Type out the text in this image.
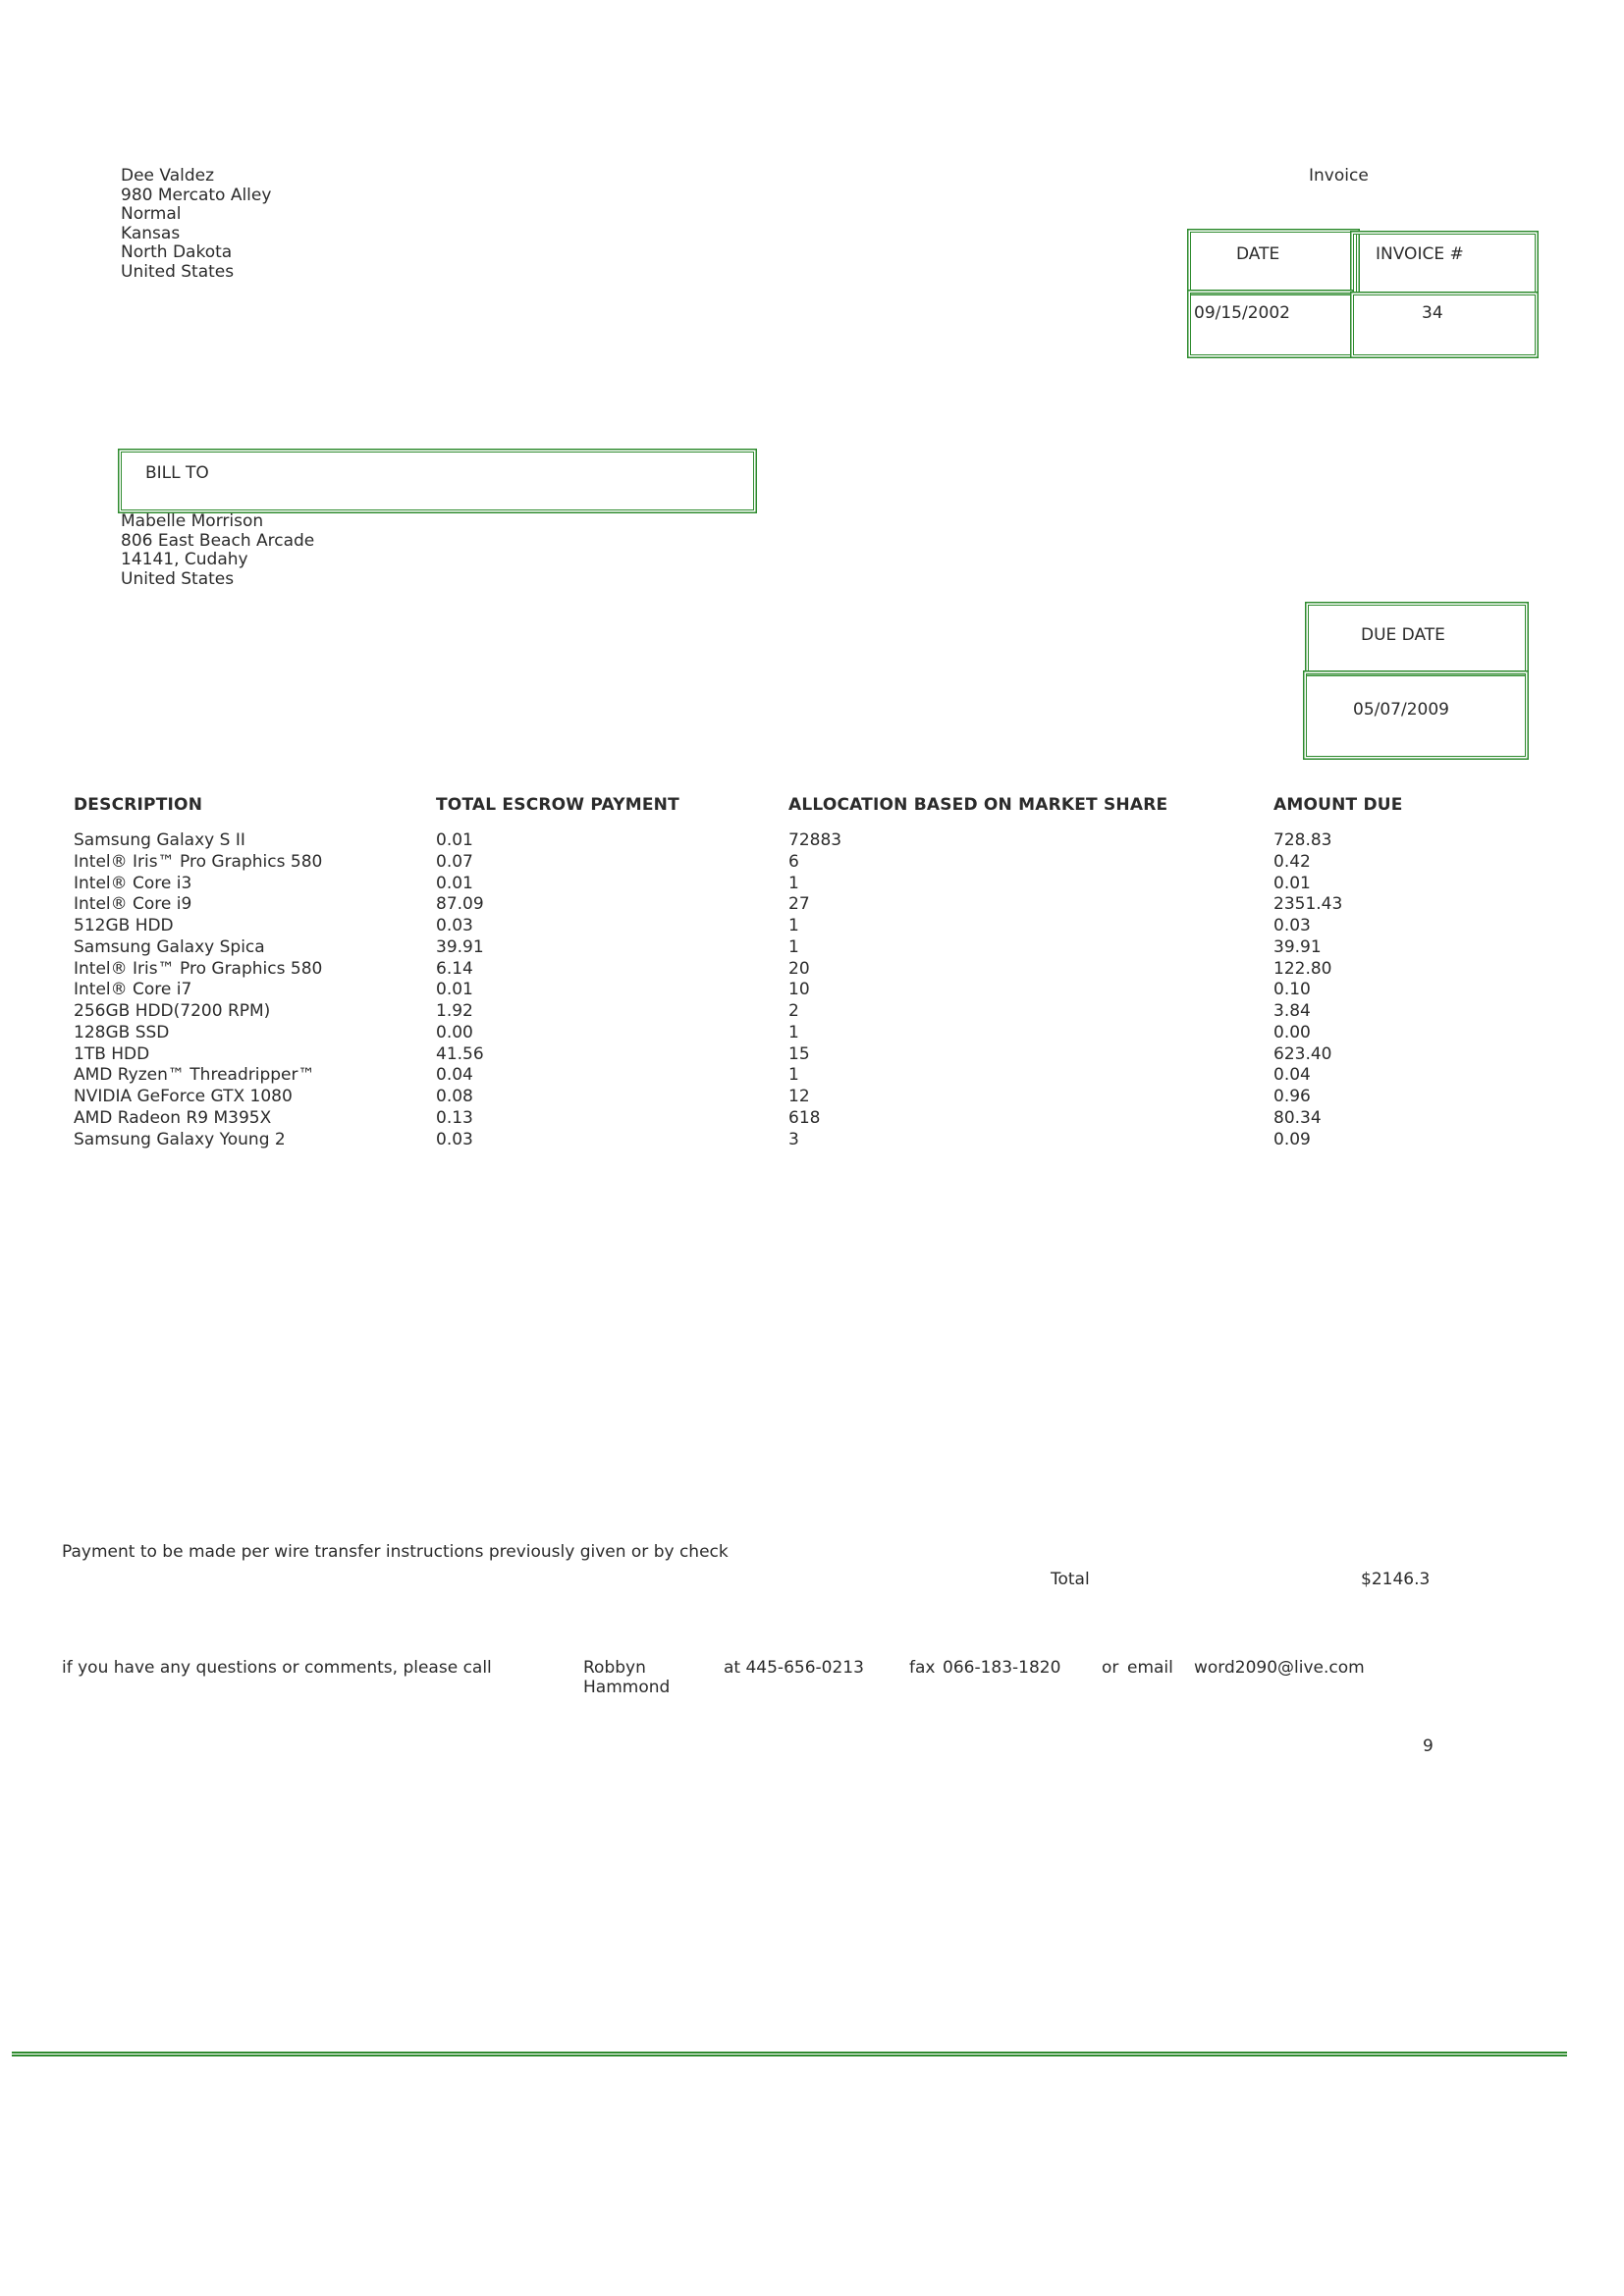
Dee Valdez
980 Mercato Alley
Normal
Kansas
North Dakota
United States
Invoice
DATE	INVOICE #
09/15/2002	34
BILL TO
Mabelle Morrison
806 East Beach Arcade
14141, Cudahy
United States
DUE DATE
05/07/2009
DESCRIPTION	TOTAL ESCROW PAYMENT	ALLOCATION BASED ON MARKET SHARE	AMOUNT DUE
Samsung Galaxy S II	0.01	72883	728.83
Intel® Iris™ Pro Graphics 580	0.07	6	0.42
Intel® Core i3	0.01	1	0.01
Intel® Core i9	87.09	27	2351.43
512GB HDD	0.03	1	0.03
Samsung Galaxy Spica	39.91	1	39.91
Intel® Iris™ Pro Graphics 580	6.14	20	122.80
Intel® Core i7	0.01	10	0.10
256GB HDD(7200 RPM)	1.92	2	3.84
128GB SSD	0.00	1	0.00
1TB HDD	41.56	15	623.40
AMD Ryzen™ Threadripper™	0.04	1	0.04
NVIDIA GeForce GTX 1080	0.08	12	0.96
AMD Radeon R9 M395X	0.13	618	80.34
Samsung Galaxy Young 2	0.03	3	0.09
Payment to be made per wire transfer instructions previously given or by check
Total	$2146.3
if you have any questions or comments, please call	Robbyn
Hammond
at 445-656-0213	fax 066-183-1820 or email word2090@live.com
9
